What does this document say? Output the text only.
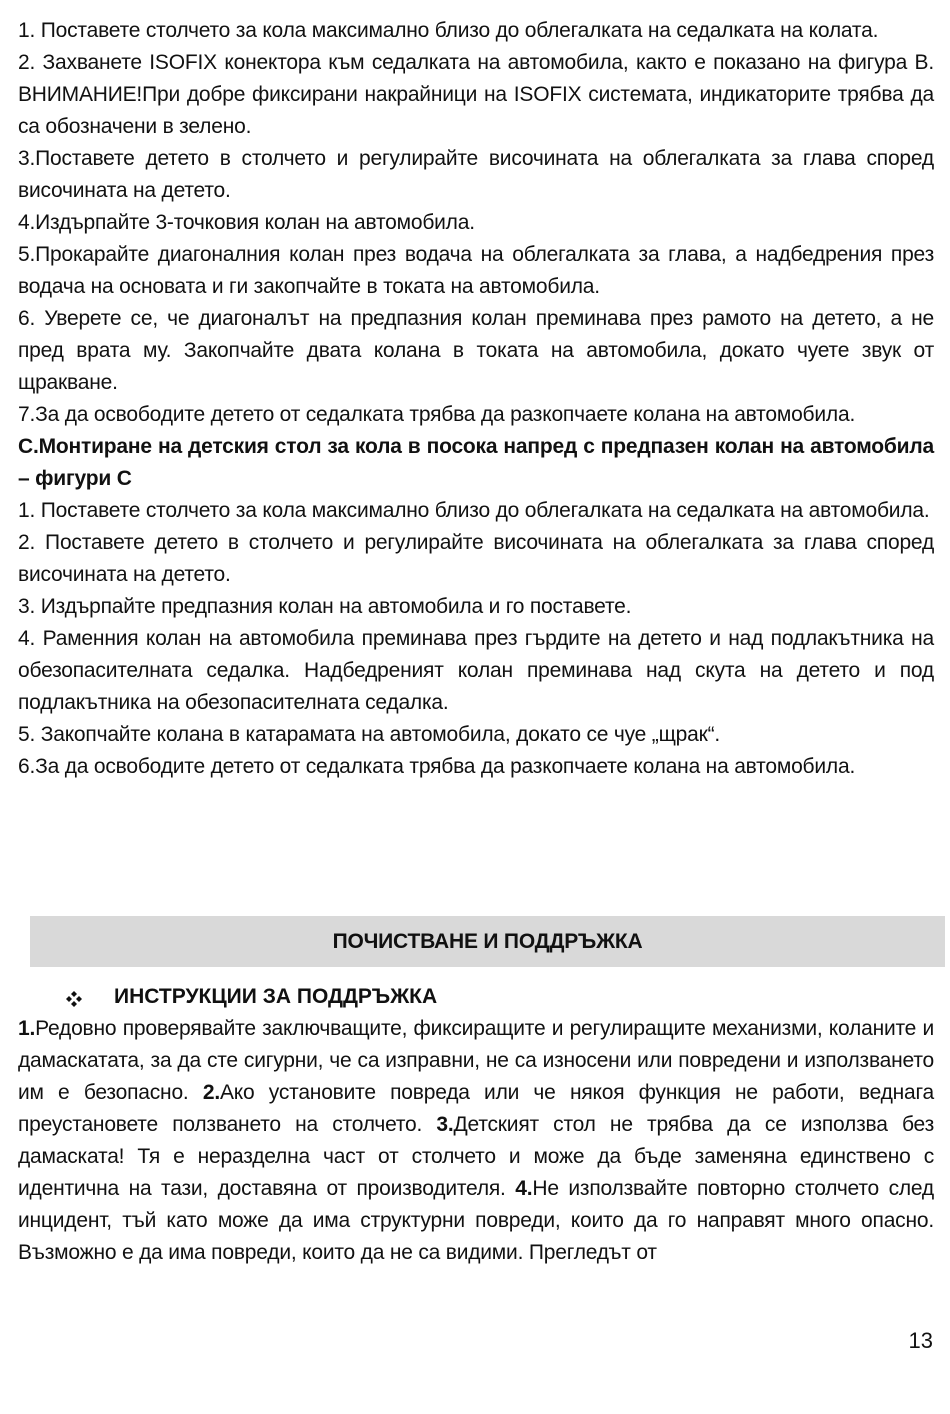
1. Поставете столчето за кола максимално близо до облегалката на седалката на колата.

2. Захванете ISOFIX конектора към седалката на автомобила, както е показано на фигура B. ВНИМАНИЕ!При добре фиксирани накрайници на ISOFIX системата, индикаторите трябва да са обозначени в зелено.

3.Поставете детето в столчето и регулирайте височината на облегалката за глава според височината на детето.

4.Издърпайте 3-точковия колан на автомобила.

5.Прокарайте диагоналния колан през водача на облегалката за глава, а надбедрения през водача на основата и ги закопчайте в токата на автомобила.

6. Уверете се, че диагоналът на предпазния колан преминава през рамото на детето, а не пред врата му. Закопчайте двата колана в токата на автомобила, докато чуете звук от щракване.

7.За да освободите детето от седалката трябва да разкопчаете колана на автомобила.

С.Монтиране на детския стол за кола в посока напред с предпазен колан на автомобила – фигури С

1. Поставете столчето за кола максимално близо до облегалката на седалката на автомобила.

2. Поставете детето в столчето и регулирайте височината на облегалката за глава според височината на детето.

3. Издърпайте предпазния колан на автомобила и го поставете.

4. Раменния колан на автомобила преминава през гърдите на детето и над подлакътника на обезопасителната седалка. Надбедреният колан преминава над скута на детето и под подлакътника на обезопасителната седалка.

5. Закопчайте колана в катарамата на автомобила, докато се чуе „щрак“.

6.За да освободите детето от седалката трябва да разкопчаете колана на автомобила.

ПОЧИСТВАНЕ И ПОДДРЪЖКА
ИНСТРУКЦИИ ЗА ПОДДРЪЖКА

1.Редовно проверявайте заключващите, фиксиращите и регулиращите механизми, коланите и дамаскатата, за да сте сигурни, че са изправни, не са износени или повредени и използването им е безопасно. 2.Ако установите повреда или че някоя функция не работи, веднага преустановете ползването на столчето. 3.Детският стол не трябва да се използва без дамаската! Тя е неразделна част от столчето и може да бъде заменяна единствено с идентична на тази, доставяна от производителя. 4.Не използвайте повторно столчето след инцидент, тъй като може да има структурни повреди, които да го направят много опасно. Възможно е да има повреди, които да не са видими. Прегледът от

13
